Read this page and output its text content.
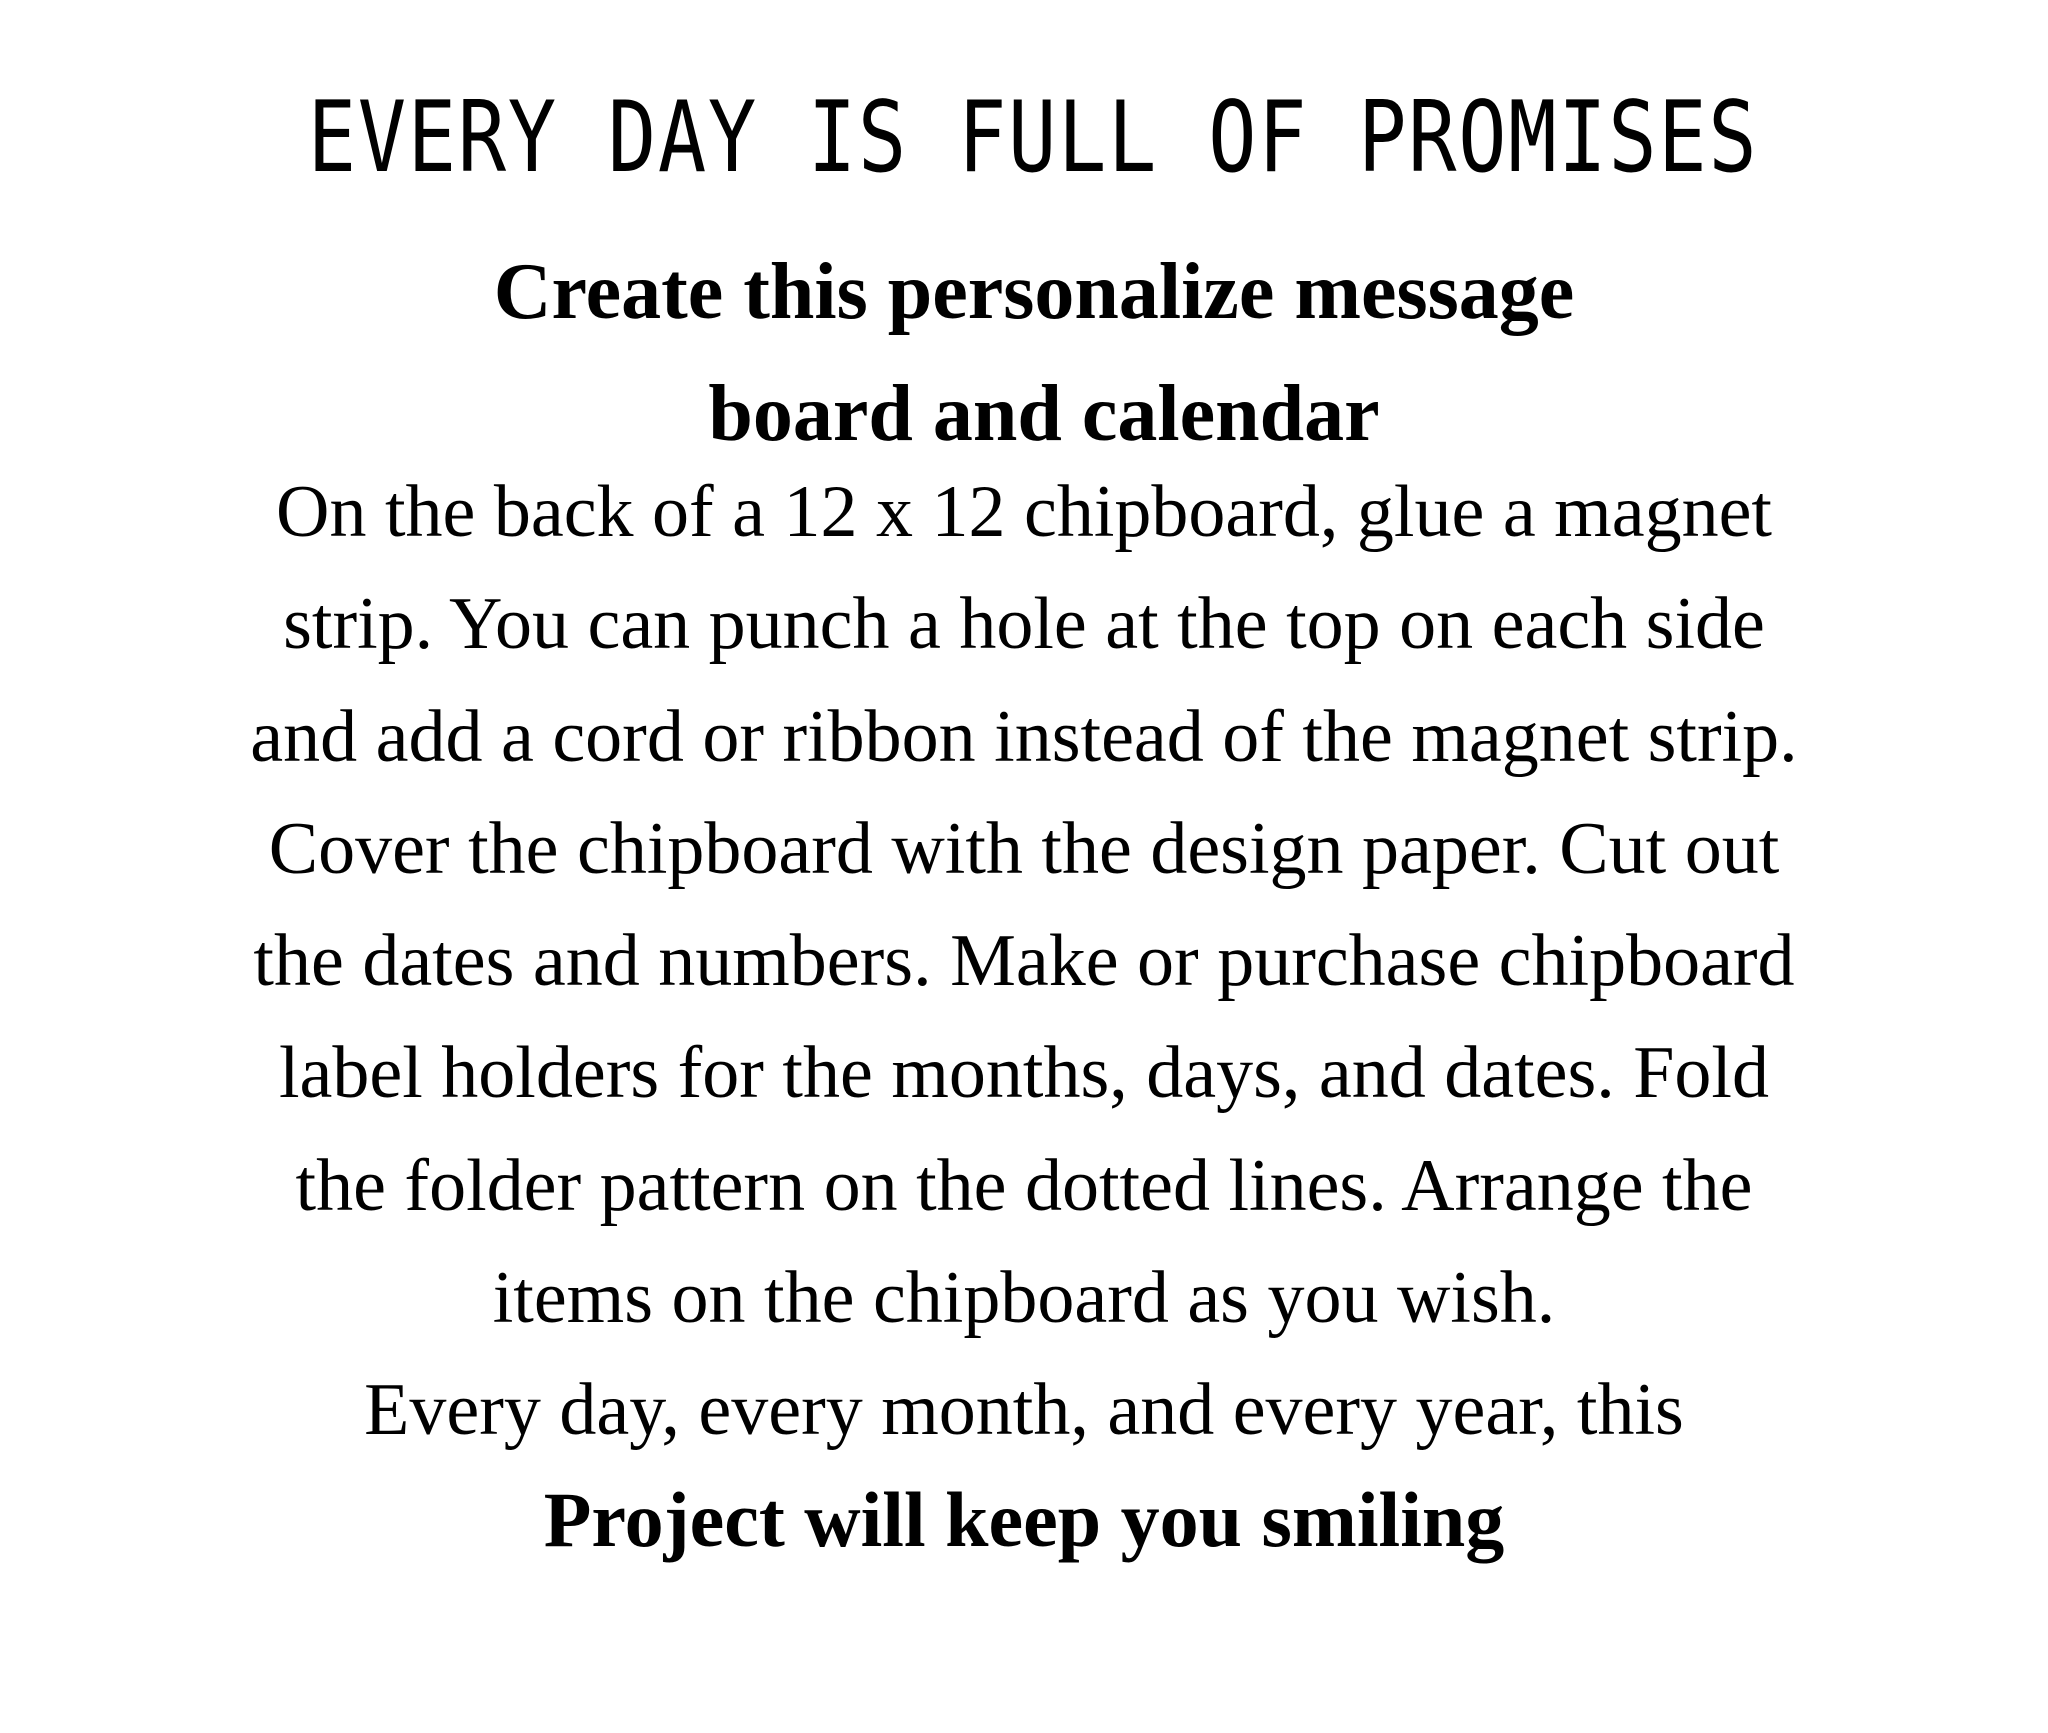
EVERY DAY IS FULL OF PROMISES
Create this personalize message
board and calendar
On the back of a 12 x 12 chipboard, glue a magnet
strip. You can punch a hole at the top on each side
and add a cord or ribbon instead of the magnet strip.
Cover the chipboard with the design paper. Cut out
the dates and numbers. Make or purchase chipboard
label holders for the months, days, and dates. Fold
the folder pattern on the dotted lines. Arrange the
items on the chipboard as you wish.
Every day, every month, and every year, this
Project will keep you smiling
